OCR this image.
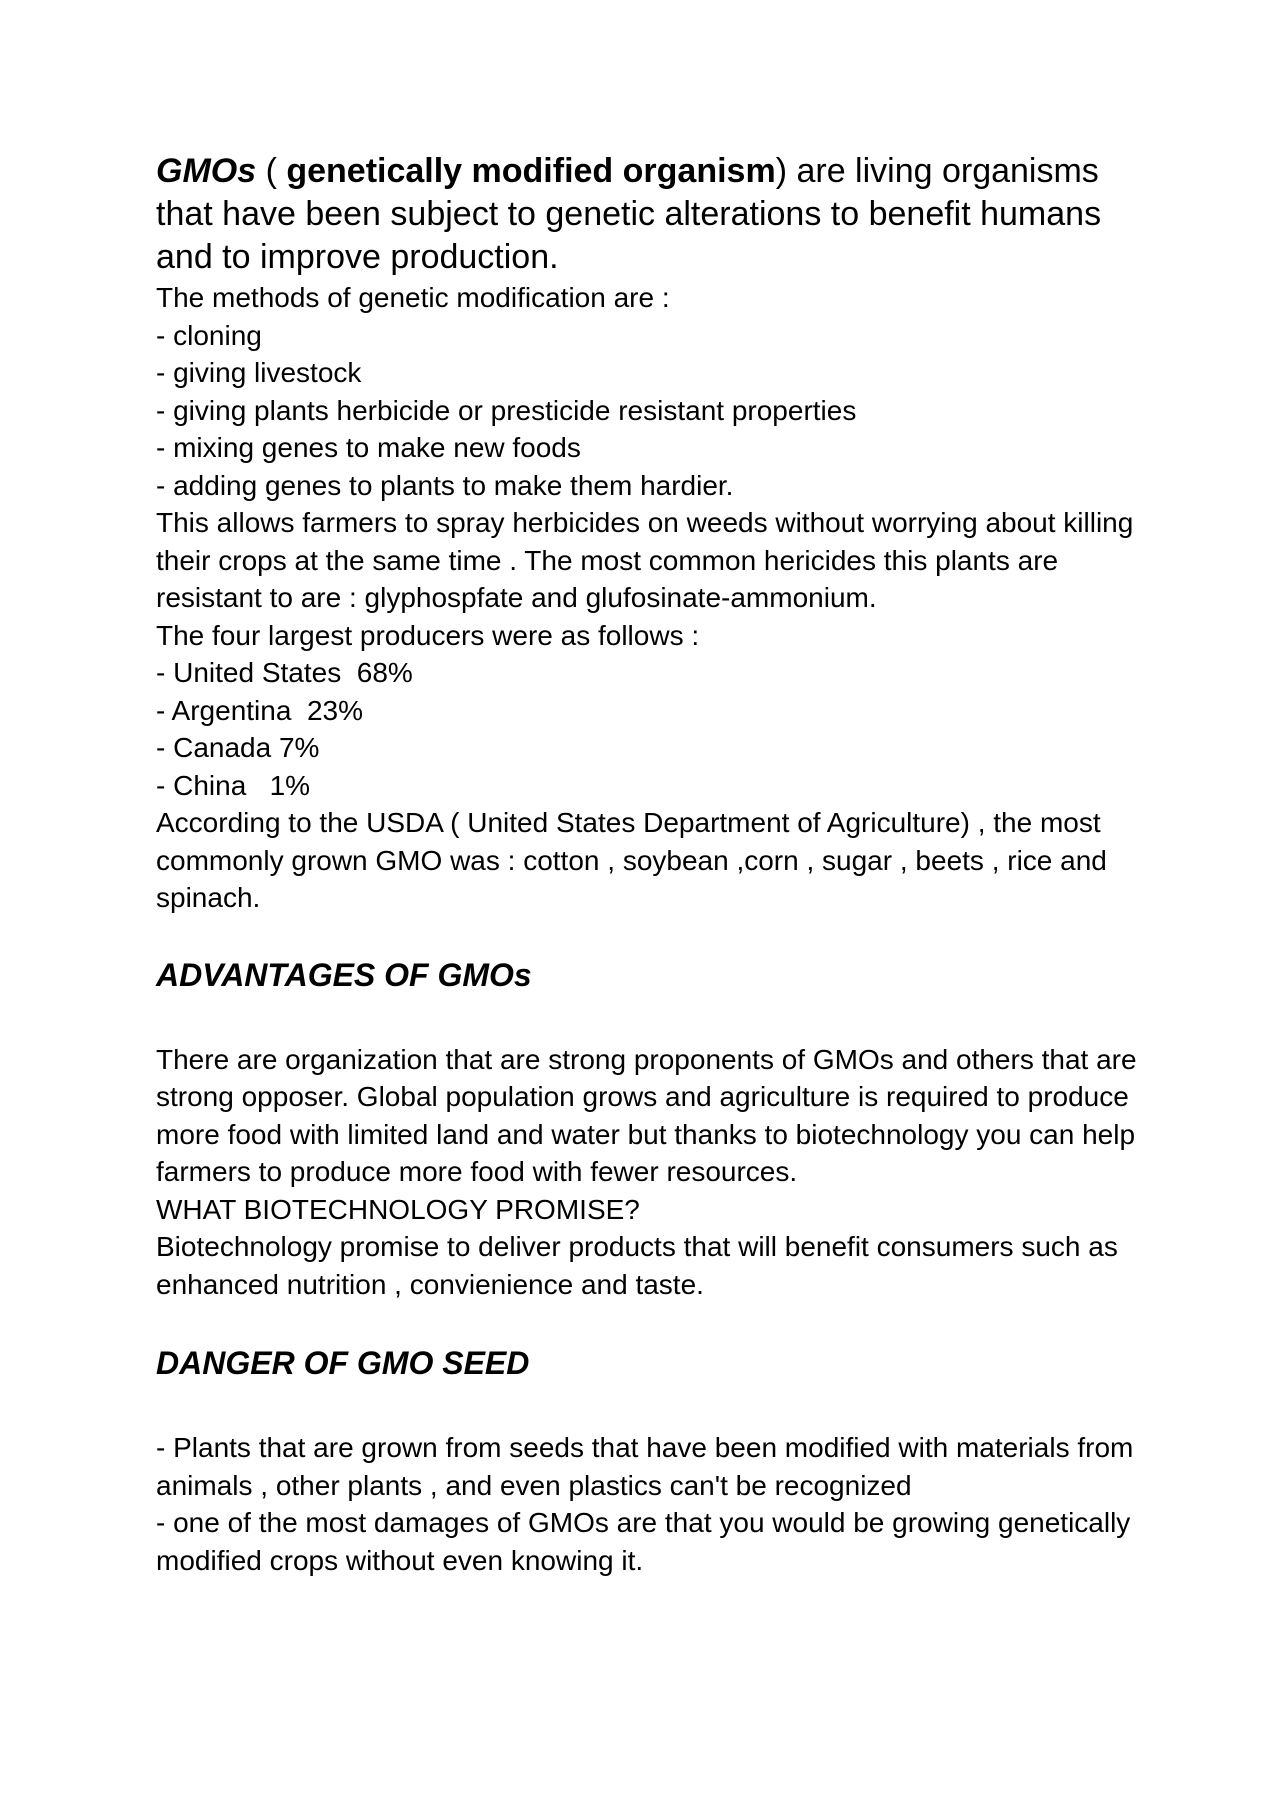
GMOs ( genetically modified organism) are living organisms that have been subject to genetic alterations to benefit humans and to improve production.

The methods of genetic modification are :

- cloning

- giving livestock

- giving plants herbicide or presticide resistant properties

- mixing genes to make new foods

- adding genes to plants to make them hardier.

This allows farmers to spray herbicides on weeds without worrying about killing their crops at the same time . The most common hericides this plants are resistant to are : glyphospfate and glufosinate-ammonium.

The four largest producers were as follows :

- United States  68%

- Argentina  23%

- Canada 7%

- China   1%

According to the USDA ( United States Department of Agriculture) , the most commonly grown GMO was : cotton , soybean ,corn , sugar , beets , rice and spinach.

ADVANTAGES OF GMOs

There are organization that are strong proponents of GMOs and others that are strong opposer. Global population grows and agriculture is required to produce more food with limited land and water but thanks to biotechnology you can help farmers to produce more food with fewer resources.

WHAT BIOTECHNOLOGY PROMISE?

Biotechnology promise to deliver products that will benefit consumers such as enhanced nutrition , convienience and taste.

DANGER OF GMO SEED

- Plants that are grown from seeds that have been modified with materials from animals , other plants , and even plastics can't be recognized

- one of the most damages of GMOs are that you would be growing genetically modified crops without even knowing it.
